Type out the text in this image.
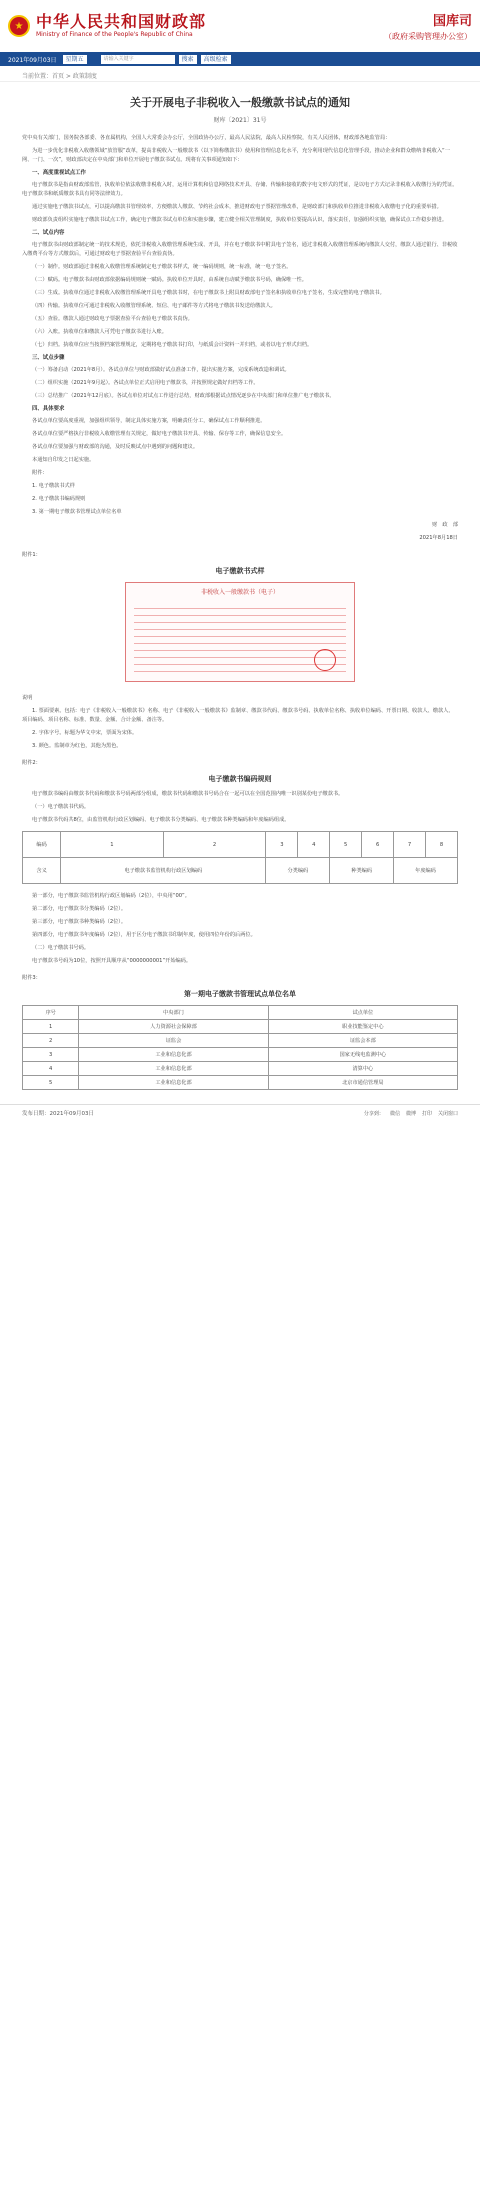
★ 中华人民共和国财政部
Ministry of Finance of the People's Republic of China
国库司
（政府采购管理办公室）
2021年09月03日	星期五	请输入关键字	搜索	高级检索
当前位置：首页 > 政策制度
关于开展电子非税收入一般缴款书试点的通知
财库〔2021〕31号
党中央有关部门，国务院各部委、各直属机构，全国人大常委会办公厅，全国政协办公厅，最高人民法院，最高人民检察院，有关人民团体，财政部各地监管局：
为进一步优化非税收入收缴领域“放管服”改革，提高非税收入一般缴款书（以下简称缴款书）使用和管理信息化水平，充分利用现代信息化管理手段，推动企业和群众缴纳非税收入“一网、一门、一次”，财政部决定在中央部门和单位开展电子缴款书试点。现将有关事项通知如下：
一、高度重视试点工作
电子缴款书是指由财政部监管，执收单位依法收缴非税收入时，运用计算机和信息网络技术开具、存储、传输和接收的数字电文形式的凭证，是以电子方式记录非税收入收缴行为的凭证。电子缴款书和纸质缴款书具有同等法律效力。
通过实施电子缴款书试点，可以提高缴款书管理效率，方便缴款人缴款、节约社会成本，推进财政电子票据管理改革，是财政部门和执收单位推进非税收入收缴电子化的重要举措。
财政部负责组织实施电子缴款书试点工作，确定电子缴款书试点单位和实施步骤，建立健全相关管理制度，执收单位要提高认识，落实责任，加强组织实施，确保试点工作稳步推进。
二、试点内容
电子缴款书由财政部制定统一的技术规范，依托非税收入收缴管理系统生成、开具，并在电子缴款书中附具电子签名，通过非税收入收缴管理系统向缴款人交付，缴款人通过银行、非税收入缴费平台等方式缴款后，可通过财政电子票据查验平台查验真伪。
（一）制作。财政部通过非税收入收缴管理系统制定电子缴款书样式，统一编码规则，统一标准，统一电子签名。
（二）赋码。电子缴款书由财政部依据编码规则统一赋码。执收单位开具时，由系统自动赋予缴款书号码，确保唯一性。
（三）生成。执收单位通过非税收入收缴管理系统开具电子缴款书时，在电子缴款书上附具财政部电子签名和执收单位电子签名，生成完整的电子缴款书。
（四）传输。执收单位可通过非税收入收缴管理系统、短信、电子邮件等方式将电子缴款书发送给缴款人。
（五）查验。缴款人通过财政电子票据查验平台查验电子缴款书真伪。
（六）入账。执收单位和缴款人可凭电子缴款书进行入账。
（七）归档。执收单位应当按照档案管理规定，定期将电子缴款书打印，与纸质会计资料一并归档，或者以电子形式归档。
三、试点步骤
（一）筹备启动（2021年8月）。各试点单位与财政部做好试点准备工作，提出实施方案，完成系统改造和调试。
（二）组织实施（2021年9月起）。各试点单位正式启用电子缴款书，并按照规定做好归档等工作。
（三）总结推广（2021年12月底）。各试点单位对试点工作进行总结，财政部根据试点情况逐步在中央部门和单位推广电子缴款书。
四、具体要求
各试点单位要高度重视，加强组织领导，制定具体实施方案，明确责任分工，确保试点工作顺利推进。
各试点单位要严格执行非税收入收缴管理有关规定，做好电子缴款书开具、传输、保存等工作，确保信息安全。
各试点单位要加强与财政部的沟通，及时反映试点中遇到的问题和建议。
本通知自印发之日起实施。
附件：
1. 电子缴款书式样
2. 电子缴款书编码规则
3. 第一期电子缴款书管理试点单位名单
财　政　部
2021年8月18日
附件1：
电子缴款书式样
非税收入一般缴款书（电子）
说明
1. 票面要素。包括：电子《非税收入一般缴款书》名称、电子《非税收入一般缴款书》监制章、缴款书代码、缴款书号码、执收单位名称、执收单位编码、开票日期、收款人、缴款人、项目编码、项目名称、标准、数量、金额、合计金额、备注等。
2. 字体字号。标题为华文中宋，票面为宋体。
3. 颜色。监制章为红色，其他为黑色。
附件2：
电子缴款书编码规则
电子缴款书编码由缴款书代码和缴款书号码两部分组成，缴款书代码和缴款书号码合在一起可以在全国范围内唯一识别某份电子缴款书。
（一）电子缴款书代码。
电子缴款书代码共8位，由监管机构行政区划编码、电子缴款书分类编码、电子缴款书种类编码和年度编码组成。
编码	1	2	3	4	5	6	7	8
含义	电子缴款书监管机构行政区划编码		分类编码		种类编码		年度编码	
第一部分，电子缴款书监管机构行政区划编码（2位），中央用“00”。
第二部分，电子缴款书分类编码（2位）。
第三部分，电子缴款书种类编码（2位）。
第四部分，电子缴款书年度编码（2位），用于区分电子缴款书印制年度，使用四位年份的后两位。
（二）电子缴款书号码。
电子缴款书号码为10位，按照开具顺序从“0000000001”开始编码。
附件3：
第一期电子缴款书管理试点单位名单
序号	中央部门	试点单位
1	人力资源社会保障部	职业技能鉴定中心
2	证监会	证监会本部
3	工业和信息化部	国家无线电监测中心
4	工业和信息化部	清算中心
5	工业和信息化部	北京市通信管理局
发布日期：2021年09月03日	分享到： 微信 微博 打印 关闭窗口
